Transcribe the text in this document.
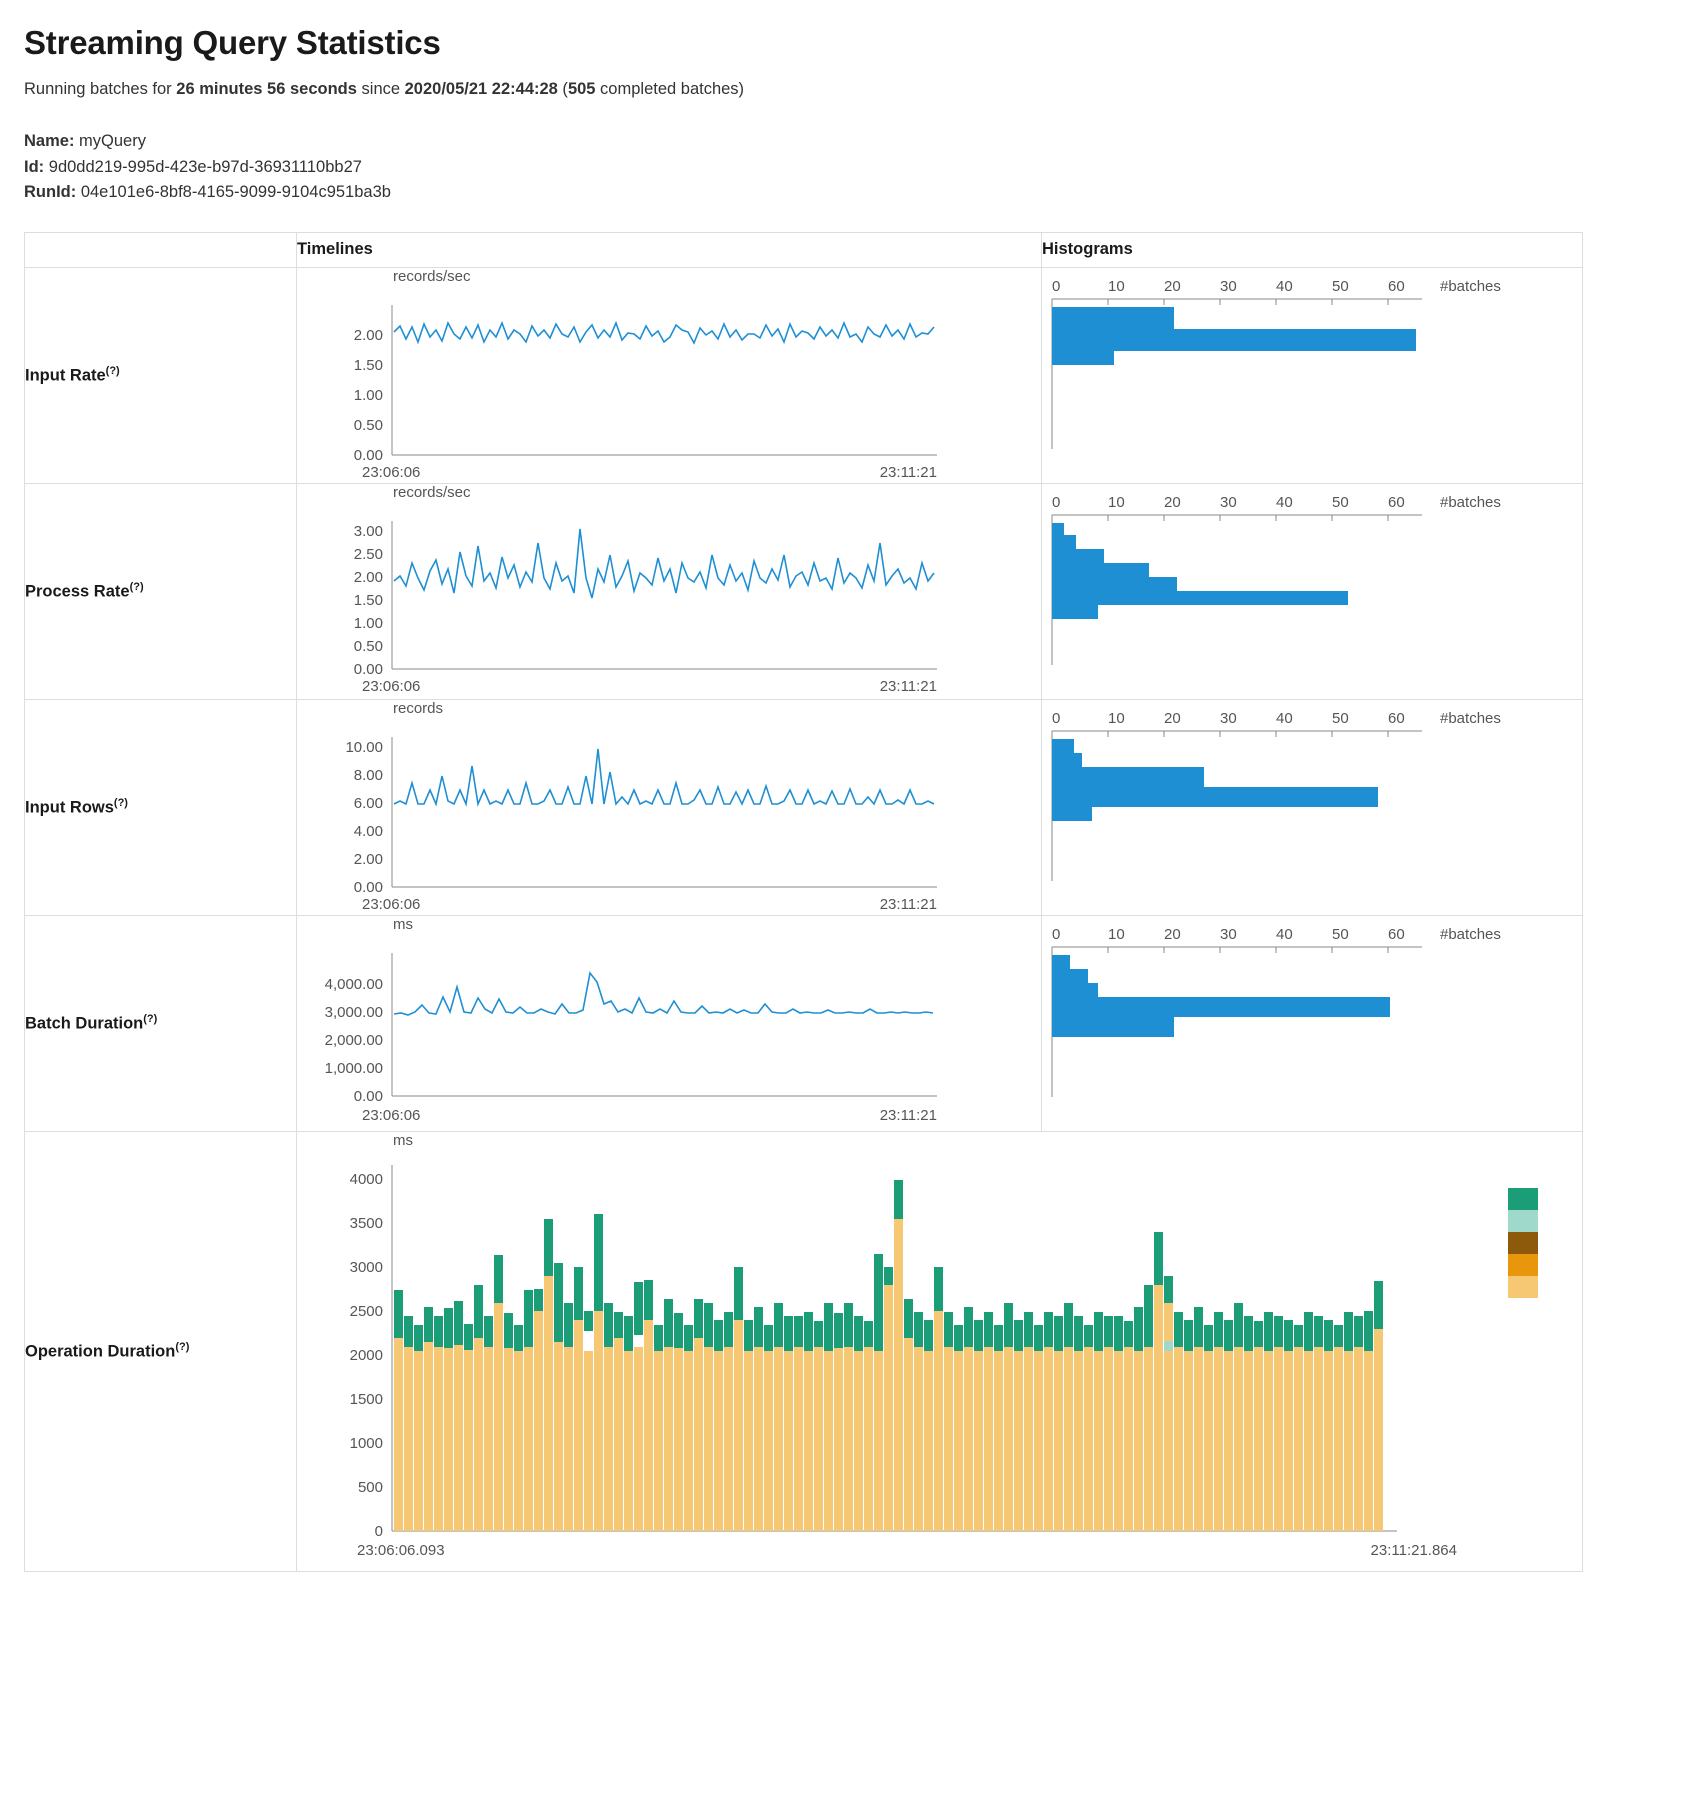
Streaming Query Statistics
Running batches for 26 minutes 56 seconds since 2020/05/21 22:44:28 (505 completed batches)
Name: myQuery
Id: 9d0dd219-995d-423e-b97d-36931110bb27
RunId: 04e101e6-8bf8-4165-9099-9104c951ba3b
	Timelines	Histograms
Input Rate(?)	
records/sec
2.00
1.50
1.00
0.50
0.00
23:06:06	23:11:21

0	10	20	30	40	50	60 #batches

Process Rate(?)	
records/sec
3.00
2.50
2.00
1.50
1.00
0.50
0.00
23:06:06	23:11:21

0	10	20	30	40	50	60 #batches

Input Rows(?)	
records
10.00
8.00
6.00
4.00
2.00
0.00
23:06:06	23:11:21

0	10	20	30	40	50	60 #batches

Batch Duration(?)	
ms
4,000.00
3,000.00
2,000.00
1,000.00
0.00
23:06:06	23:11:21

0	10	20	30	40	50	60 #batches

Operation Duration(?)	
ms
4000
3500
3000
2500
2000
1500
1000
500
0
23:06:06.093	23:11:21.864
